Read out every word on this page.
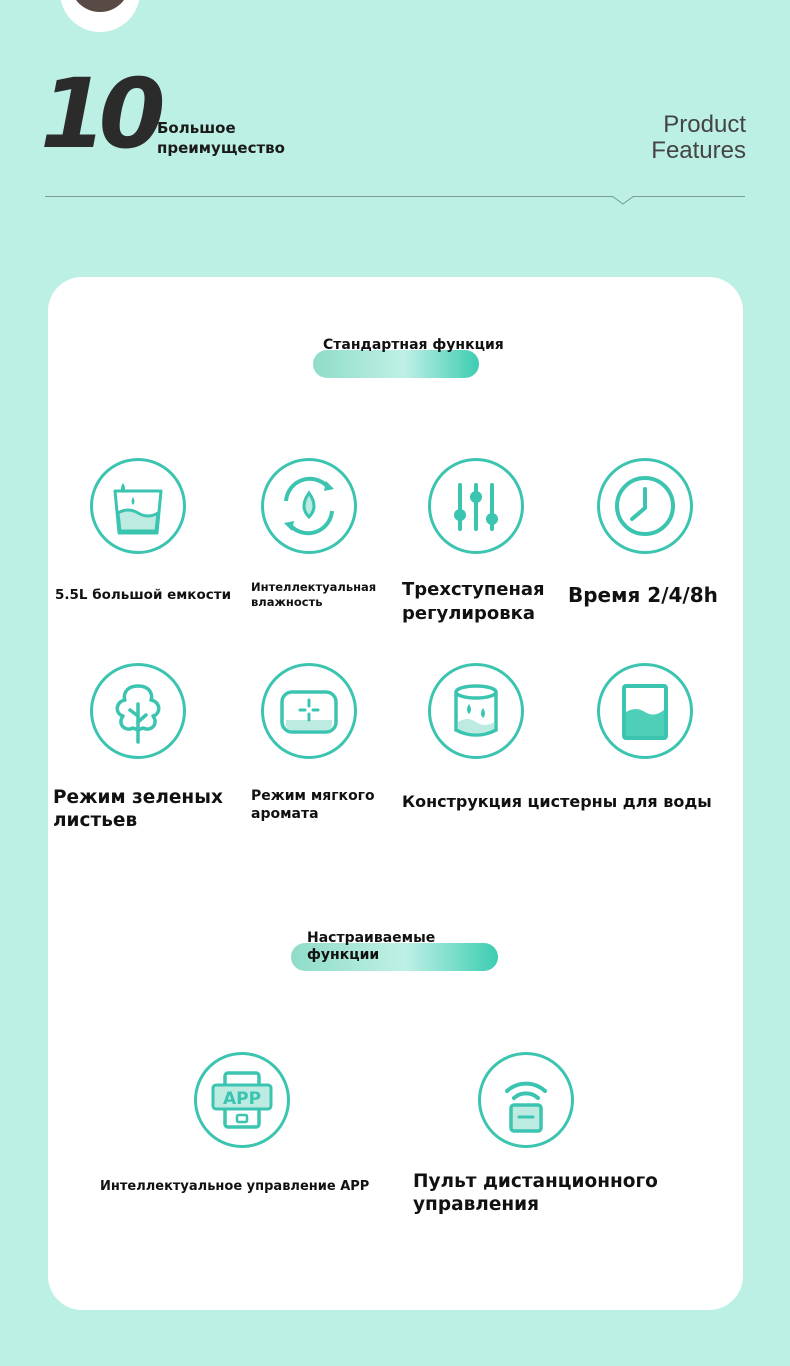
10 Большое преимущество
Product
Features
Стандартная функция
5.5L большой емкости	Интеллектуальная влажность
Трехступеная регулировка
Время 2/4/8h
Режим зеленых листьев
Режим мягкого аромата
Конструкция цистерны для воды
Настраиваемые функции
APP
Интеллектуальное управление APP	Пульт дистанционного управления
